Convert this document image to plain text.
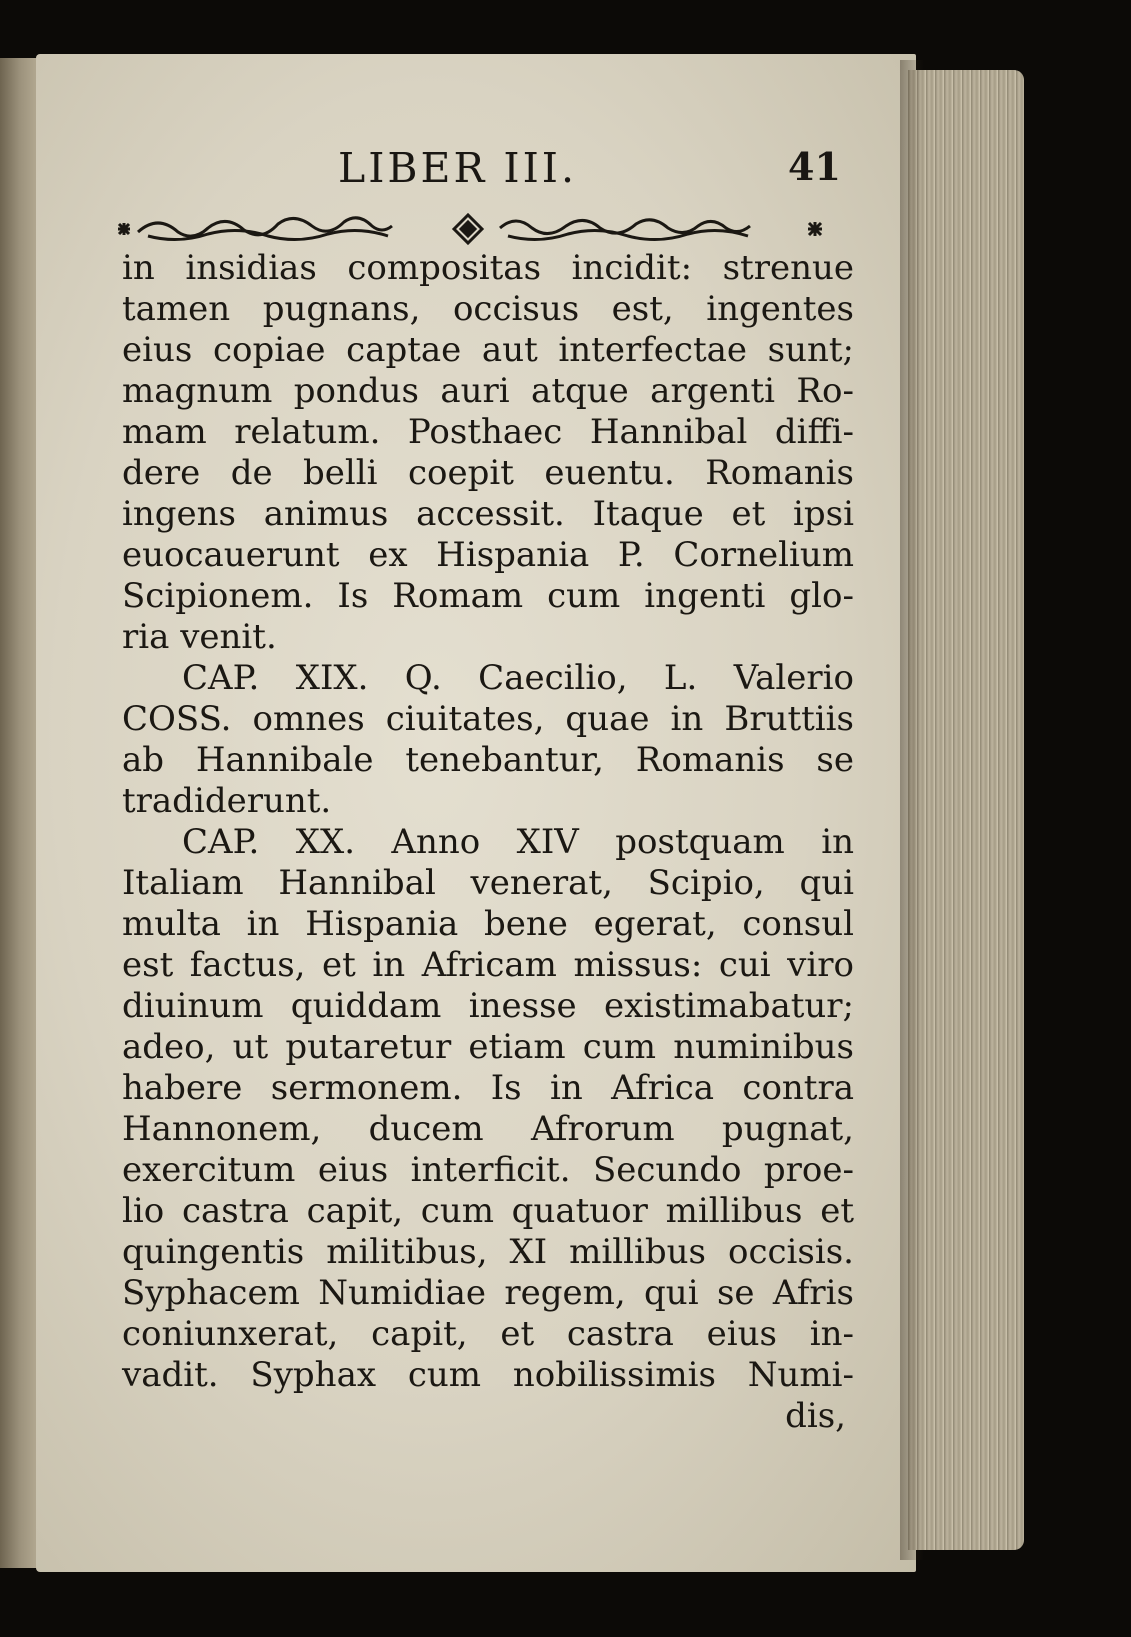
LIBER III.	41
in insidias compositas incidit: strenue
tamen pugnans, occisus est, ingentes
eius copiae captae aut interfectae sunt;
magnum pondus auri atque argenti Ro-
mam relatum. Posthaec Hannibal diffi-
dere de belli coepit euentu. Romanis
ingens animus accessit. Itaque et ipsi
euocauerunt ex Hispania P. Cornelium
Scipionem. Is Romam cum ingenti glo-
ria venit.
CAP. XIX. Q. Caecilio, L. Valerio
COSS. omnes ciuitates, quae in Bruttiis
ab Hannibale tenebantur, Romanis se
tradiderunt.
CAP. XX. Anno XIV postquam in
Italiam Hannibal venerat, Scipio, qui
multa in Hispania bene egerat, consul
est factus, et in Africam missus: cui viro
diuinum quiddam inesse existimabatur;
adeo, ut putaretur etiam cum numinibus
habere sermonem. Is in Africa contra
Hannonem, ducem Afrorum pugnat,
exercitum eius interficit. Secundo proe-
lio castra capit, cum quatuor millibus et
quingentis militibus, XI millibus occisis.
Syphacem Numidiae regem, qui se Afris
coniunxerat, capit, et castra eius in-
vadit. Syphax cum nobilissimis Numi-
dis,
